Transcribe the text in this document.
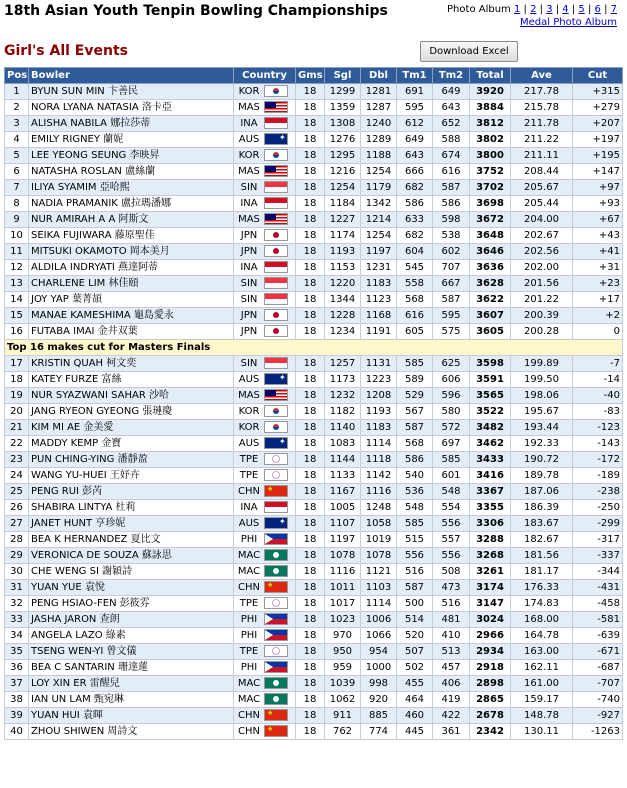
18th Asian Youth Tenpin Bowling Championships	Photo Album 1 | 2 | 3 | 4 | 5 | 6 | 7
Medal Photo Album
Girl's All Events	Download Excel
Pos	Bowler	Country	Gms	Sgl	Dbl	Tm1	Tm2	Total	Ave	Cut
1	BYUN SUN MIN 卞善民	KOR	18	1299	1281	691	649	3920	217.78	+315
2	NORA LYANA NATASIA 洛卡亞	MAS	18	1359	1287	595	643	3884	215.78	+279
3	ALISHA NABILA 娜拉莎蒂	INA	18	1308	1240	612	652	3812	211.78	+207
4	EMILY RIGNEY 蘭妮	AUS✦	18	1276	1289	649	588	3802	211.22	+197
5	LEE YEONG SEUNG 李映昇	KOR	18	1295	1188	643	674	3800	211.11	+195
6	NATASHA ROSLAN 盧絲蘭	MAS	18	1216	1254	666	616	3752	208.44	+147
7	ILIYA SYAMIM 亞哈熙	SIN	18	1254	1179	682	587	3702	205.67	+97
8	NADIA PRAMANIK 盧拉瑪潘娜	INA	18	1184	1342	586	586	3698	205.44	+93
9	NUR AMIRAH A A 阿斯文	MAS	18	1227	1214	633	598	3672	204.00	+67
10	SEIKA FUJIWARA 藤原聖佳	JPN	18	1174	1254	682	538	3648	202.67	+43
11	MITSUKI OKAMOTO 岡本美月	JPN	18	1193	1197	604	602	3646	202.56	+41
12	ALDILA INDRYATI 燕達阿蒂	INA	18	1153	1231	545	707	3636	202.00	+31
13	CHARLENE LIM 林佳頤	SIN	18	1220	1183	558	667	3628	201.56	+23
14	JOY YAP 葉菁頡	SIN	18	1344	1123	568	587	3622	201.22	+17
15	MANAE KAMESHIMA 龜島愛永	JPN	18	1228	1168	616	595	3607	200.39	+2
16	FUTABA IMAI 金井双葉	JPN	18	1234	1191	605	575	3605	200.28	0
Top 16 makes cut for Masters Finals										
17	KRISTIN QUAH 柯文奕	SIN	18	1257	1131	585	625	3598	199.89	-7
18	KATEY FURZE 富絲	AUS✦	18	1173	1223	589	606	3591	199.50	-14
19	NUR SYAZWANI SAHAR 沙哈	MAS	18	1232	1208	529	596	3565	198.06	-40
20	JANG RYEON GYEONG 張璉慶	KOR	18	1182	1193	567	580	3522	195.67	-83
21	KIM MI AE 金美愛	KOR	18	1140	1183	587	572	3482	193.44	-123
22	MADDY KEMP 金寶	AUS✦	18	1083	1114	568	697	3462	192.33	-143
23	PUN CHING-YING 潘靜盈	TPE	18	1144	1118	586	585	3433	190.72	-172
24	WANG YU-HUEI 王妤卉	TPE	18	1133	1142	540	601	3416	189.78	-189
25	PENG RUI 彭芮	CHN★	18	1167	1116	536	548	3367	187.06	-238
26	SHABIRA LINTYA 杜莉	INA	18	1005	1248	548	554	3355	186.39	-250
27	JANET HUNT 亨珍妮	AUS✦	18	1107	1058	585	556	3306	183.67	-299
28	BEA K HERNANDEZ 夏比文	PHI	18	1197	1019	515	557	3288	182.67	-317
29	VERONICA DE SOUZA 蘇詠思	MAC	18	1078	1078	556	556	3268	181.56	-337
30	CHE WENG SI 謝穎詩	MAC	18	1116	1121	516	508	3261	181.17	-344
31	YUAN YUE 袁悅	CHN★	18	1011	1103	587	473	3174	176.33	-431
32	PENG HSIAO-FEN 彭筱雰	TPE	18	1017	1114	500	516	3147	174.83	-458
33	JASHA JARON 查朗	PHI	18	1023	1006	514	481	3024	168.00	-581
34	ANGELA LAZO 綠素	PHI	18	970	1066	520	410	2966	164.78	-639
35	TSENG WEN-YI 曾文儀	TPE	18	950	954	507	513	2934	163.00	-671
36	BEA C SANTARIN 珊達蓮	PHI	18	959	1000	502	457	2918	162.11	-687
37	LOY XIN ER 雷醒兒	MAC	18	1039	998	455	406	2898	161.00	-707
38	IAN UN LAM 甄宛琳	MAC	18	1062	920	464	419	2865	159.17	-740
39	YUAN HUI 袁暉	CHN★	18	911	885	460	422	2678	148.78	-927
40	ZHOU SHIWEN 周詩文	CHN★	18	762	774	445	361	2342	130.11	-1263
